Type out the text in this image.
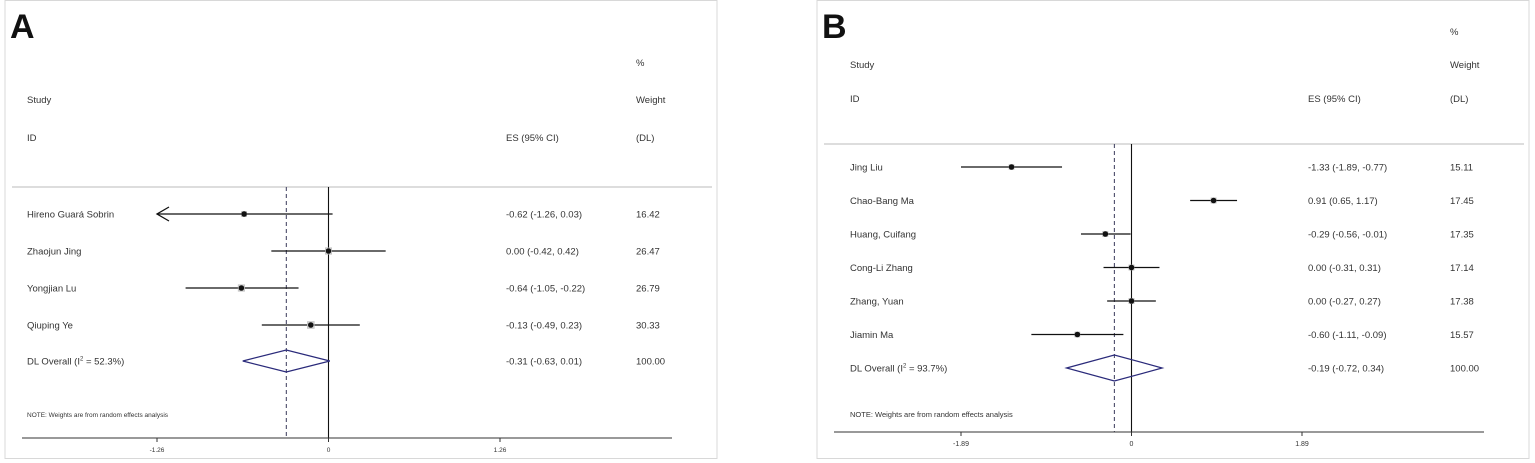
A
Study
ID	ES (95% CI)
%
Weight
(DL)
Hireno Guará Sobrin	-0.62 (-1.26, 0.03)	16.42
Zhaojun Jing	0.00 (-0.42, 0.42)	26.47
Yongjian Lu	-0.64 (-1.05, -0.22)	26.79
Qiuping Ye	-0.13 (-0.49, 0.23)	30.33
DL Overall $(I^2 = 52.3\%)$	-0.31 (-0.63, 0.01)	100.00
NOTE: Weights are from random effects analysis
-1.26	0	1.26
B
Study
ID	ES (95% CI)
%
Weight
(DL)
Jing Liu	-1.33 (-1.89, -0.77)	15.11
Chao-Bang Ma	0.91 (0.65, 1.17)	17.45
Huang, Cuifang	-0.29 (-0.56, -0.01)	17.35
Cong-Li Zhang	0.00 (-0.31, 0.31)	17.14
Zhang, Yuan	0.00 (-0.27, 0.27)	17.38
Jiamin Ma	-0.60 (-1.11, -0.09)	15.57
DL Overall $(I^2 = 93.7\%)$	-0.19 (-0.72, 0.34)	100.00
NOTE: Weights are from random effects analysis
-1.89	0	1.89
